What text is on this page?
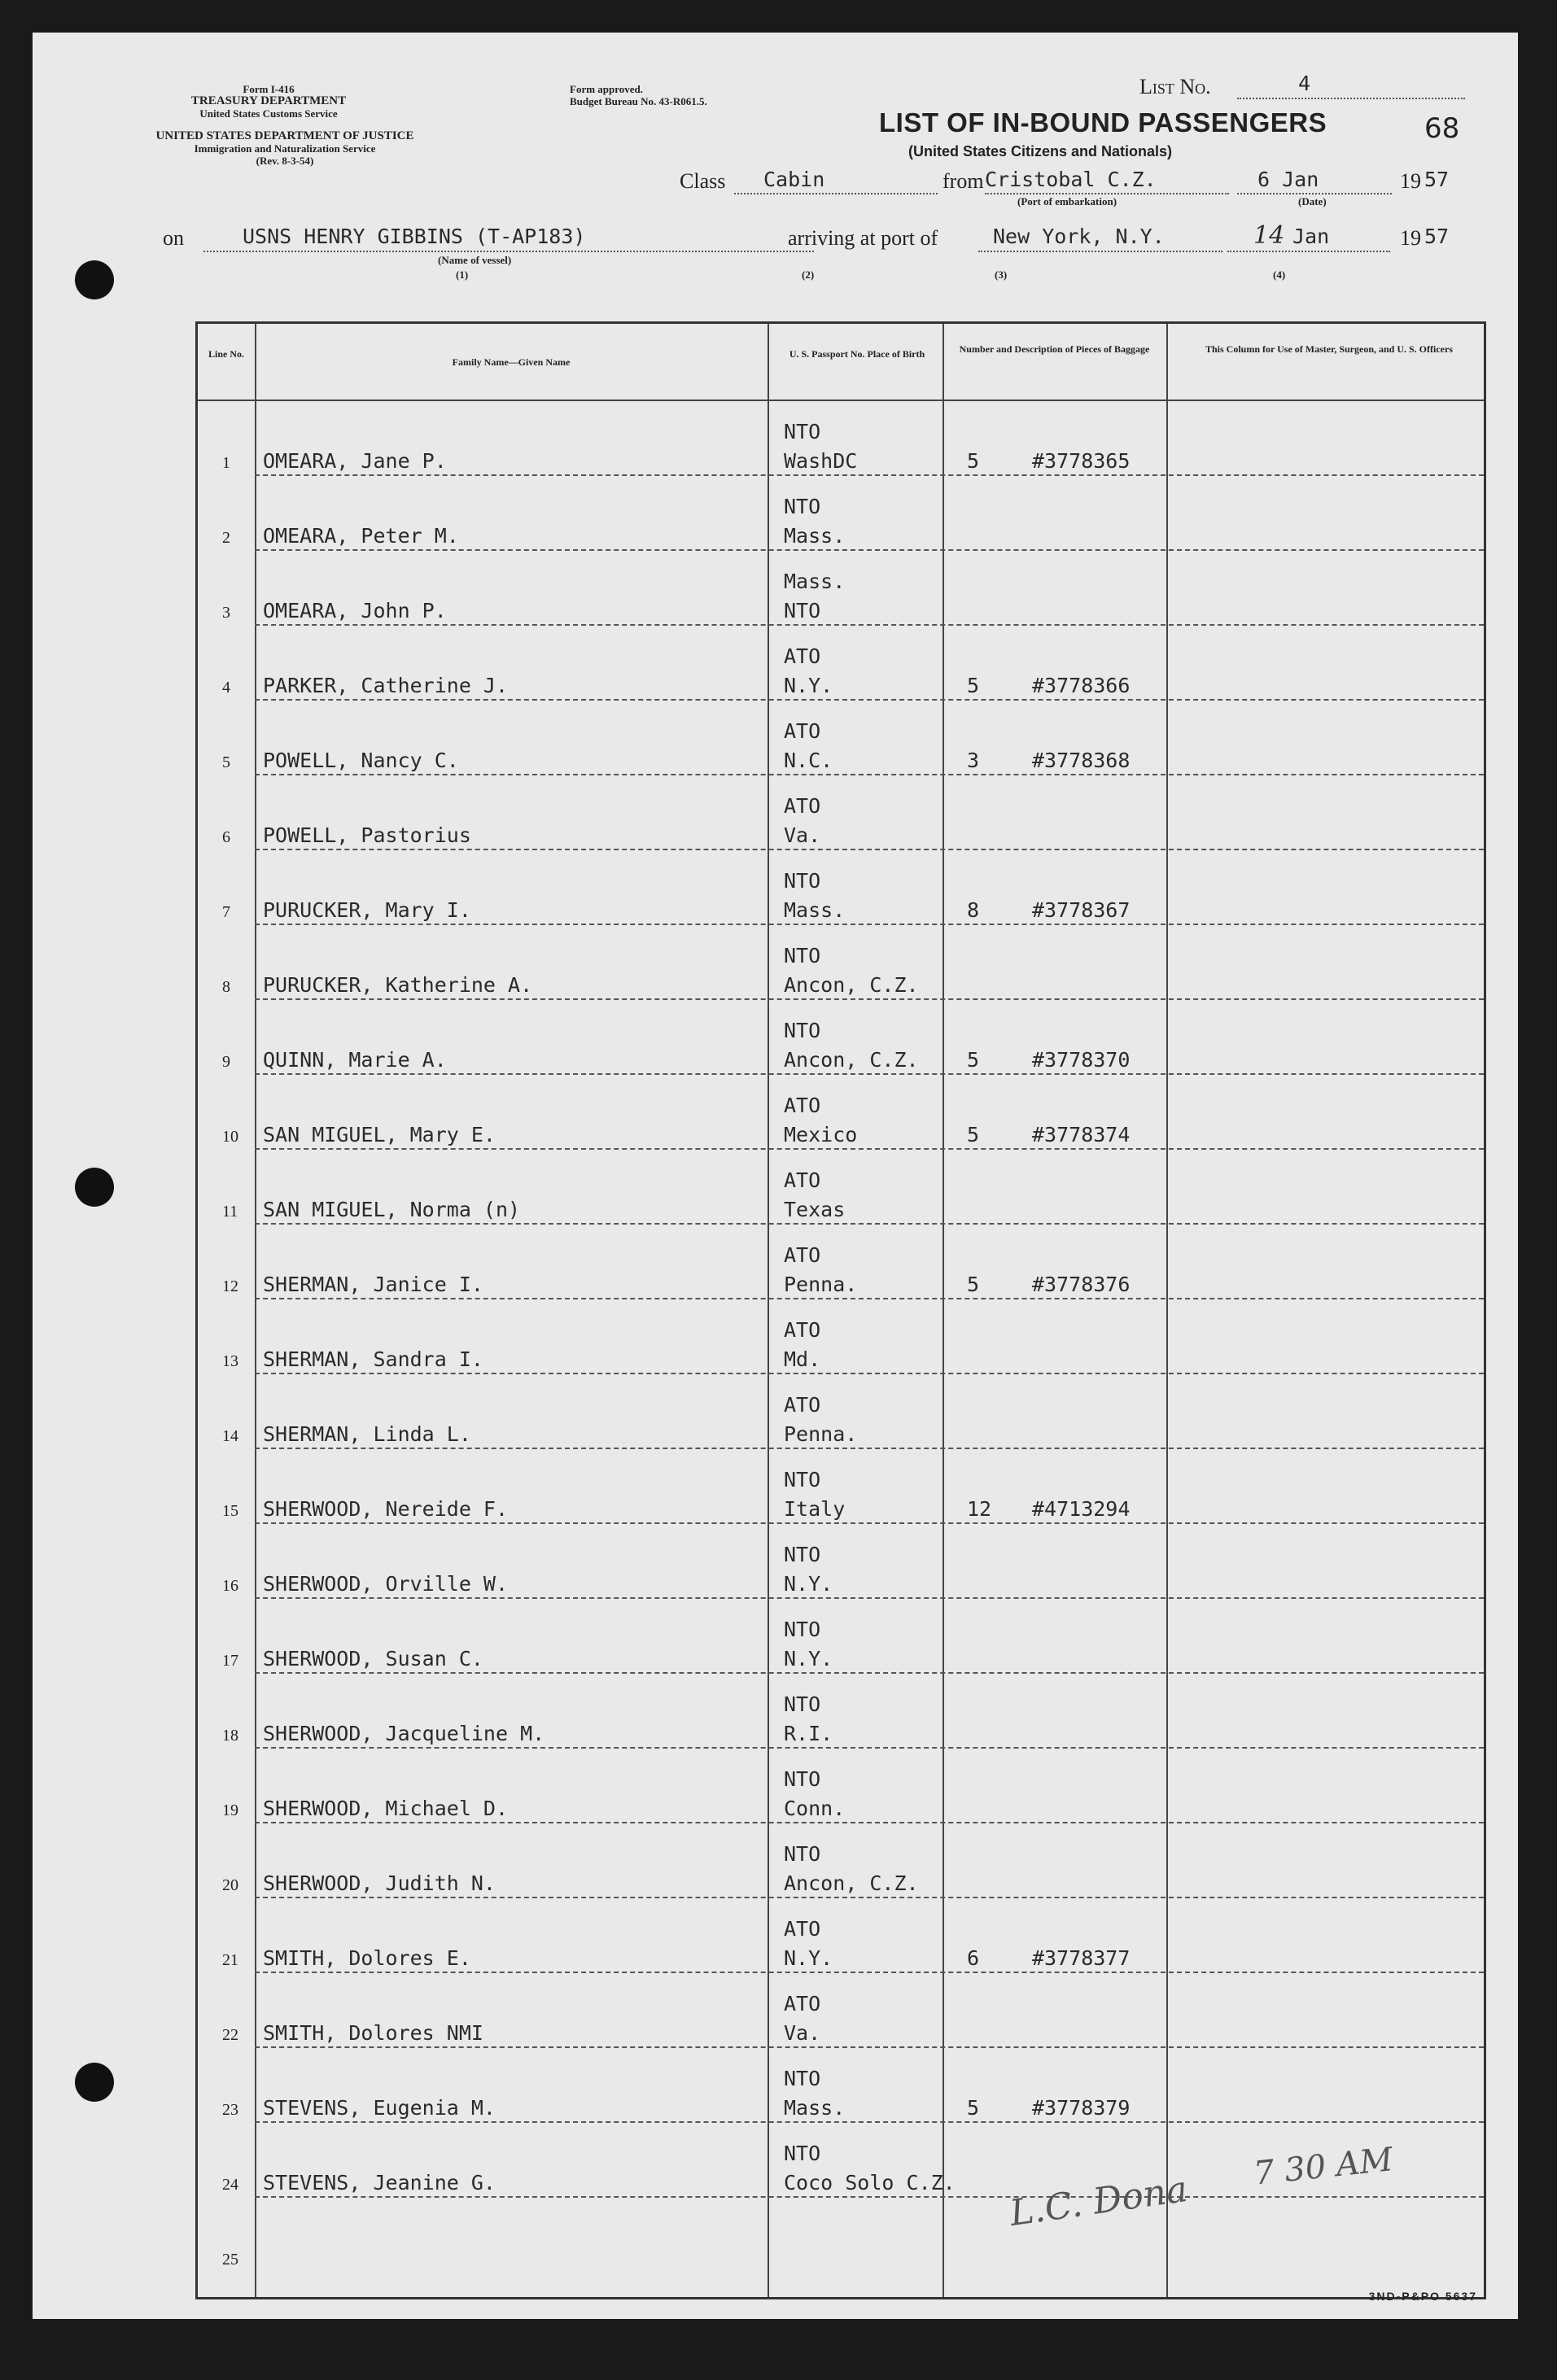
Form I-416
TREASURY DEPARTMENT
United States Customs Service
UNITED STATES DEPARTMENT OF JUSTICE
Immigration and Naturalization Service
(Rev. 8-3-54)
Form approved.
Budget Bureau No. 43-R061.5.
List No.	4
68
LIST OF IN-BOUND PASSENGERS
(United States Citizens and Nationals)
Class Cabin	from Cristobal C.Z.
(Port of embarkation)
6 Jan
(Date)
19 57
on	USNS HENRY GIBBINS (T-AP183)
(Name of vessel)
arriving at port of	New York, N.Y.	14 Jan	19 57
(1)	(2)	(3)	(4)
Line No.
Family Name—Given Name
U. S. Passport No. Place of Birth	Number and Description of Pieces of Baggage	This Column for Use of Master, Surgeon, and U. S. Officers
1 OMEARA, Jane P.
NTO
WashDC	5	#3778365
2 OMEARA, Peter M.
NTO
Mass.
3 OMEARA, John P.
Mass.
NTO
4 PARKER, Catherine J.
ATO
N.Y.	5	#3778366
5 POWELL, Nancy C.
ATO
N.C.	3	#3778368
6 POWELL, Pastorius
ATO
Va.
7 PURUCKER, Mary I.
NTO
Mass.	8	#3778367
8 PURUCKER, Katherine A.
NTO
Ancon, C.Z.
9 QUINN, Marie A.
NTO
Ancon, C.Z. 5	#3778370
10 SAN MIGUEL, Mary E.
ATO
Mexico	5	#3778374
11 SAN MIGUEL, Norma (n)
ATO
Texas
12 SHERMAN, Janice I.
ATO
Penna.	5	#3778376
13 SHERMAN, Sandra I.
ATO
Md.
14 SHERMAN, Linda L.
ATO
Penna.
15 SHERWOOD, Nereide F.
NTO
Italy	12 #4713294
16 SHERWOOD, Orville W.
NTO
N.Y.
17 SHERWOOD, Susan C.
NTO
N.Y.
18 SHERWOOD, Jacqueline M.
NTO
R.I.
19 SHERWOOD, Michael D.
NTO
Conn.
20 SHERWOOD, Judith N.
NTO
Ancon, C.Z.
21 SMITH, Dolores E.
ATO
N.Y.	6	#3778377
22 SMITH, Dolores NMI
ATO
Va.
23 STEVENS, Eugenia M.
NTO
Mass.	5	#3778379
24 STEVENS, Jeanine G.
NTO
Coco Solo C.Z.
25
L.C. Dona
7 30 AM
3ND-P&PO 5637
